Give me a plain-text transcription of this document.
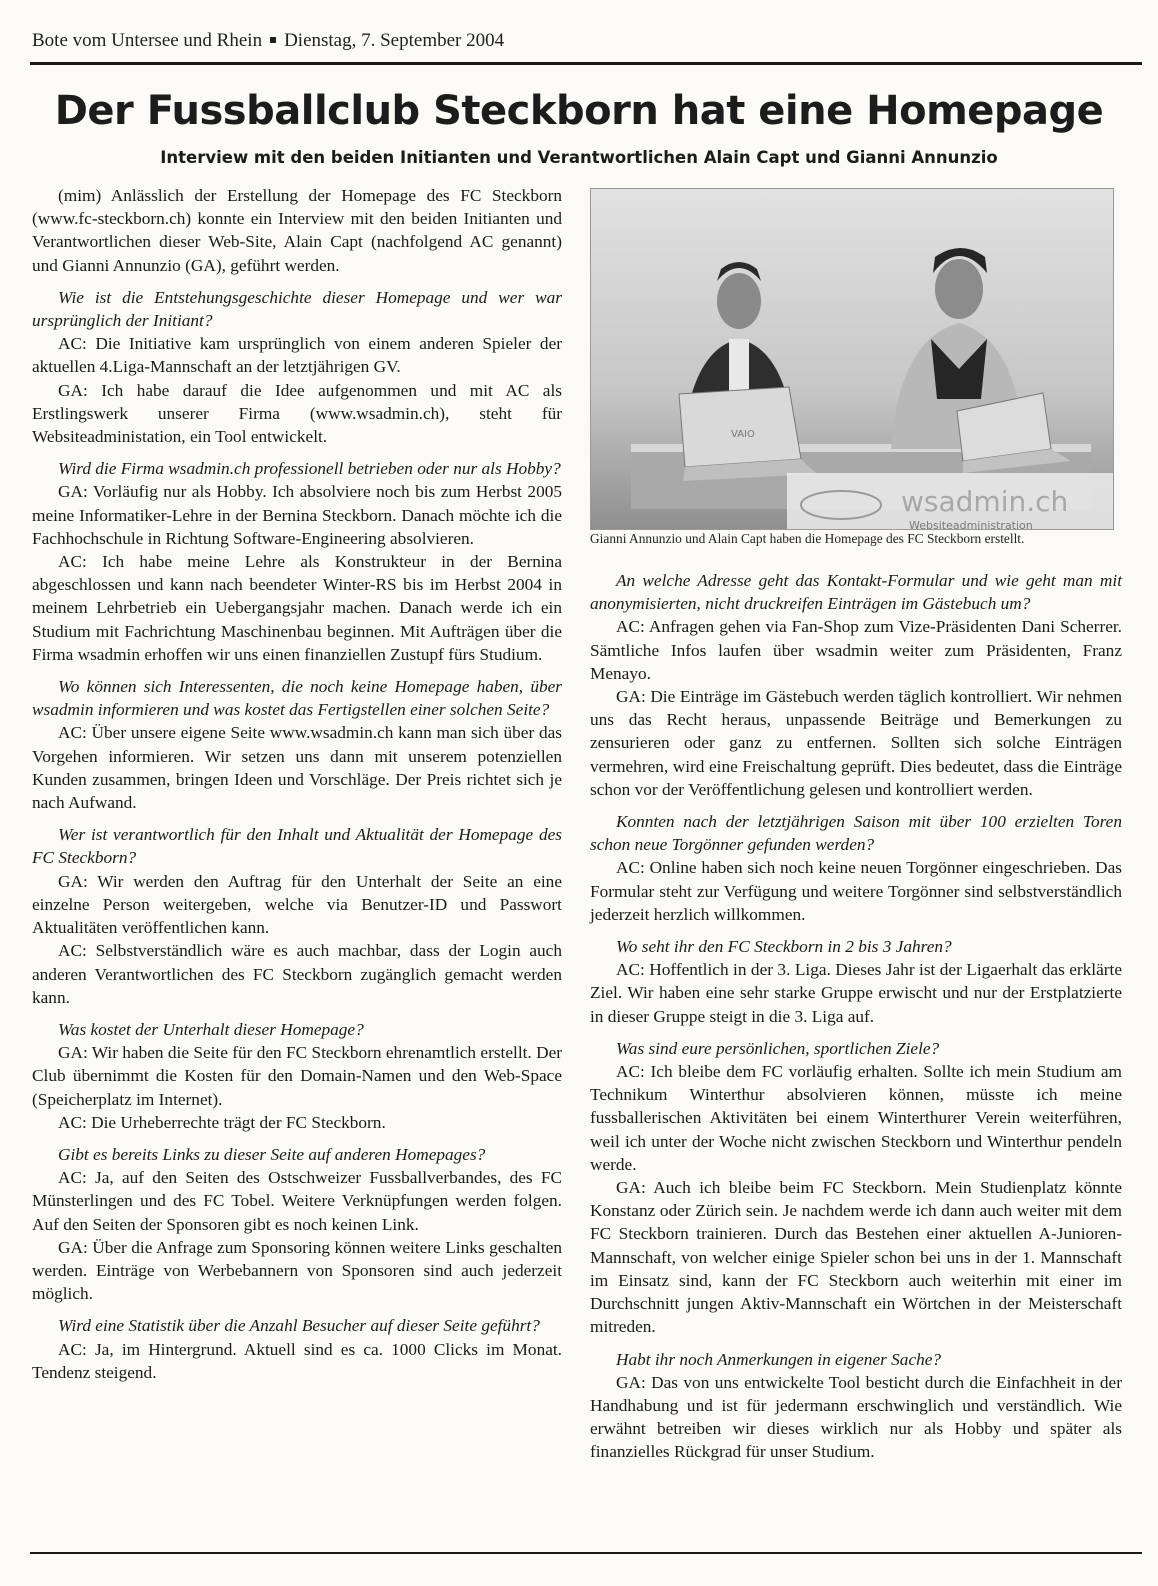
Bote vom Untersee und Rhein Dienstag, 7. September 2004
Der Fussballclub Steckborn hat eine Homepage
Interview mit den beiden Initianten und Verantwortlichen Alain Capt und Gianni Annunzio

(mim) Anlässlich der Erstellung der Homepage des FC Steckborn (www.fc-steckborn.ch) konnte ein Interview mit den beiden Initianten und Verantwortlichen dieser Web-Site, Alain Capt (nachfolgend AC genannt) und Gianni Annunzio (GA), geführt werden.

Wie ist die Entstehungsgeschichte dieser Homepage und wer war ursprünglich der Initiant?

AC: Die Initiative kam ursprünglich von einem anderen Spieler der aktuellen 4.Liga-Mannschaft an der letztjährigen GV.

GA: Ich habe darauf die Idee aufgenommen und mit AC als Erstlingswerk unserer Firma (www.wsadmin.ch), steht für Websiteadministation, ein Tool entwickelt.

Wird die Firma wsadmin.ch professionell betrieben oder nur als Hobby?

GA: Vorläufig nur als Hobby. Ich absolviere noch bis zum Herbst 2005 meine Informatiker-Lehre in der Bernina Steckborn. Danach möchte ich die Fachhochschule in Richtung Software-Engineering absolvieren.

AC: Ich habe meine Lehre als Konstrukteur in der Bernina abgeschlossen und kann nach beendeter Winter-RS bis im Herbst 2004 in meinem Lehrbetrieb ein Uebergangsjahr machen. Danach werde ich ein Studium mit Fachrichtung Maschinenbau beginnen. Mit Aufträgen über die Firma wsadmin erhoffen wir uns einen finanziellen Zustupf fürs Studium.

Wo können sich Interessenten, die noch keine Homepage haben, über wsadmin informieren und was kostet das Fertigstellen einer solchen Seite?

AC: Über unsere eigene Seite www.wsadmin.ch kann man sich über das Vorgehen informieren. Wir setzen uns dann mit unserem potenziellen Kunden zusammen, bringen Ideen und Vorschläge. Der Preis richtet sich je nach Aufwand.

Wer ist verantwortlich für den Inhalt und Aktualität der Homepage des FC Steckborn?

GA: Wir werden den Auftrag für den Unterhalt der Seite an eine einzelne Person weitergeben, welche via Benutzer-ID und Passwort Aktualitäten veröffentlichen kann.

AC: Selbstverständlich wäre es auch machbar, dass der Login auch anderen Verantwortlichen des FC Steckborn zugänglich gemacht werden kann.

Was kostet der Unterhalt dieser Homepage?

GA: Wir haben die Seite für den FC Steckborn ehrenamtlich erstellt. Der Club übernimmt die Kosten für den Domain-Namen und den Web-Space (Speicherplatz im Internet).

AC: Die Urheberrechte trägt der FC Steckborn.

Gibt es bereits Links zu dieser Seite auf anderen Homepages?

AC: Ja, auf den Seiten des Ostschweizer Fussballverbandes, des FC Münsterlingen und des FC Tobel. Weitere Verknüpfungen werden folgen. Auf den Seiten der Sponsoren gibt es noch keinen Link.

GA: Über die Anfrage zum Sponsoring können weitere Links geschalten werden. Einträge von Werbebannern von Sponsoren sind auch jederzeit möglich.

Wird eine Statistik über die Anzahl Besucher auf dieser Seite geführt?

AC: Ja, im Hintergrund. Aktuell sind es ca. 1000 Clicks im Monat. Tendenz steigend.

VAIO
wsadmin.ch
Websiteadministration
Gianni Annunzio und Alain Capt haben die Homepage des FC Steckborn erstellt.

An welche Adresse geht das Kontakt-Formular und wie geht man mit anonymisierten, nicht druckreifen Einträgen im Gästebuch um?

AC: Anfragen gehen via Fan-Shop zum Vize-Präsidenten Dani Scherrer. Sämtliche Infos laufen über wsadmin weiter zum Präsidenten, Franz Menayo.

GA: Die Einträge im Gästebuch werden täglich kontrolliert. Wir nehmen uns das Recht heraus, unpassende Beiträge und Bemerkungen zu zensurieren oder ganz zu entfernen. Sollten sich solche Einträgen vermehren, wird eine Freischaltung geprüft. Dies bedeutet, dass die Einträge schon vor der Veröffentlichung gelesen und kontrolliert werden.

Konnten nach der letztjährigen Saison mit über 100 erzielten Toren schon neue Torgönner gefunden werden?

AC: Online haben sich noch keine neuen Torgönner eingeschrieben. Das Formular steht zur Verfügung und weitere Torgönner sind selbstverständlich jederzeit herzlich willkommen.

Wo seht ihr den FC Steckborn in 2 bis 3 Jahren?

AC: Hoffentlich in der 3. Liga. Dieses Jahr ist der Ligaerhalt das erklärte Ziel. Wir haben eine sehr starke Gruppe erwischt und nur der Erstplatzierte in dieser Gruppe steigt in die 3. Liga auf.

Was sind eure persönlichen, sportlichen Ziele?

AC: Ich bleibe dem FC vorläufig erhalten. Sollte ich mein Studium am Technikum Winterthur absolvieren können, müsste ich meine fussballerischen Aktivitäten bei einem Winterthurer Verein weiterführen, weil ich unter der Woche nicht zwischen Steckborn und Winterthur pendeln werde.

GA: Auch ich bleibe beim FC Steckborn. Mein Studienplatz könnte Konstanz oder Zürich sein. Je nachdem werde ich dann auch weiter mit dem FC Steckborn trainieren. Durch das Bestehen einer aktuellen A-Junioren-Mannschaft, von welcher einige Spieler schon bei uns in der 1. Mannschaft im Einsatz sind, kann der FC Steckborn auch weiterhin mit einer im Durchschnitt jungen Aktiv-Mannschaft ein Wörtchen in der Meisterschaft mitreden.

Habt ihr noch Anmerkungen in eigener Sache?

GA: Das von uns entwickelte Tool besticht durch die Einfachheit in der Handhabung und ist für jedermann erschwinglich und verständlich. Wie erwähnt betreiben wir dieses wirklich nur als Hobby und später als finanzielles Rückgrad für unser Studium.
